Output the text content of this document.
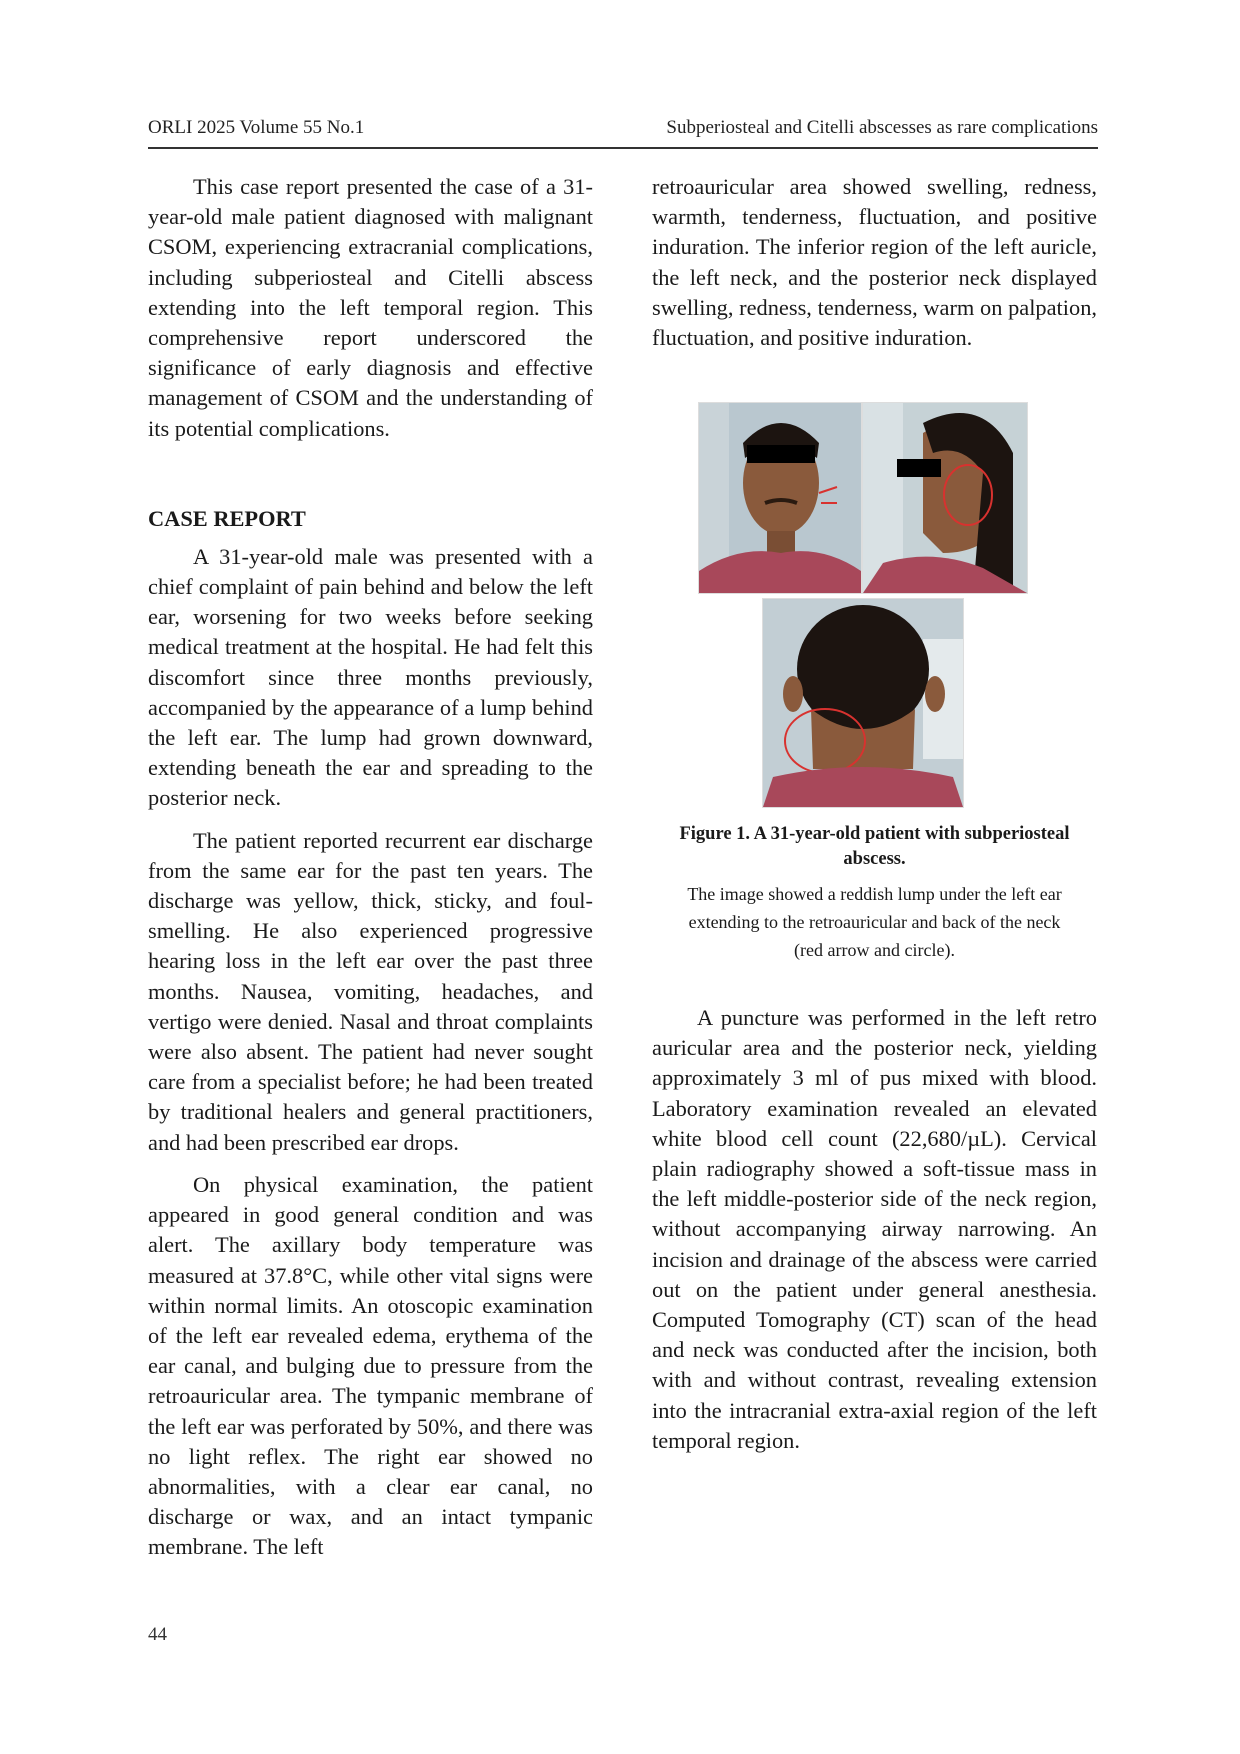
ORLI 2025 Volume 55 No.1	Subperiosteal and Citelli abscesses as rare complications

This case report presented the case of a 31-year-old male patient diagnosed with malignant CSOM, experiencing extracranial complications, including subperiosteal and Citelli abscess extending into the left temporal region. This comprehensive report underscored the significance of early diagnosis and effective management of CSOM and the understanding of its potential complications.

CASE REPORT

A 31-year-old male was presented with a chief complaint of pain behind and below the left ear, worsening for two weeks before seeking medical treatment at the hospital. He had felt this discomfort since three months previously, accompanied by the appearance of a lump behind the left ear. The lump had grown downward, extending beneath the ear and spreading to the posterior neck.

The patient reported recurrent ear discharge from the same ear for the past ten years. The discharge was yellow, thick, sticky, and foul-smelling. He also experienced progressive hearing loss in the left ear over the past three months. Nausea, vomiting, headaches, and vertigo were denied. Nasal and throat complaints were also absent. The patient had never sought care from a specialist before; he had been treated by traditional healers and general practitioners, and had been prescribed ear drops.

On physical examination, the patient appeared in good general condition and was alert. The axillary body temperature was measured at 37.8°C, while other vital signs were within normal limits. An otoscopic examination of the left ear revealed edema, erythema of the ear canal, and bulging due to pressure from the retroauricular area. The tympanic membrane of the left ear was perforated by 50%, and there was no light reflex. The right ear showed no abnormalities, with a clear ear canal, no discharge or wax, and an intact tympanic membrane. The left

retroauricular area showed swelling, redness, warmth, tenderness, fluctuation, and positive induration. The inferior region of the left auricle, the left neck, and the posterior neck displayed swelling, redness, tenderness, warm on palpation, fluctuation, and positive induration.

Figure 1. A 31-year-old patient with subperiosteal abscess.
The image showed a reddish lump under the left ear
extending to the retroauricular and back of the neck
(red arrow and circle).

A puncture was performed in the left retro auricular area and the posterior neck, yielding approximately 3 ml of pus mixed with blood. Laboratory examination revealed an elevated white blood cell count (22,680/µL). Cervical plain radiography showed a soft-tissue mass in the left middle-posterior side of the neck region, without accompanying airway narrowing. An incision and drainage of the abscess were carried out on the patient under general anesthesia. Computed Tomography (CT) scan of the head and neck was conducted after the incision, both with and without contrast, revealing extension into the intracranial extra-axial region of the left temporal region.

44
